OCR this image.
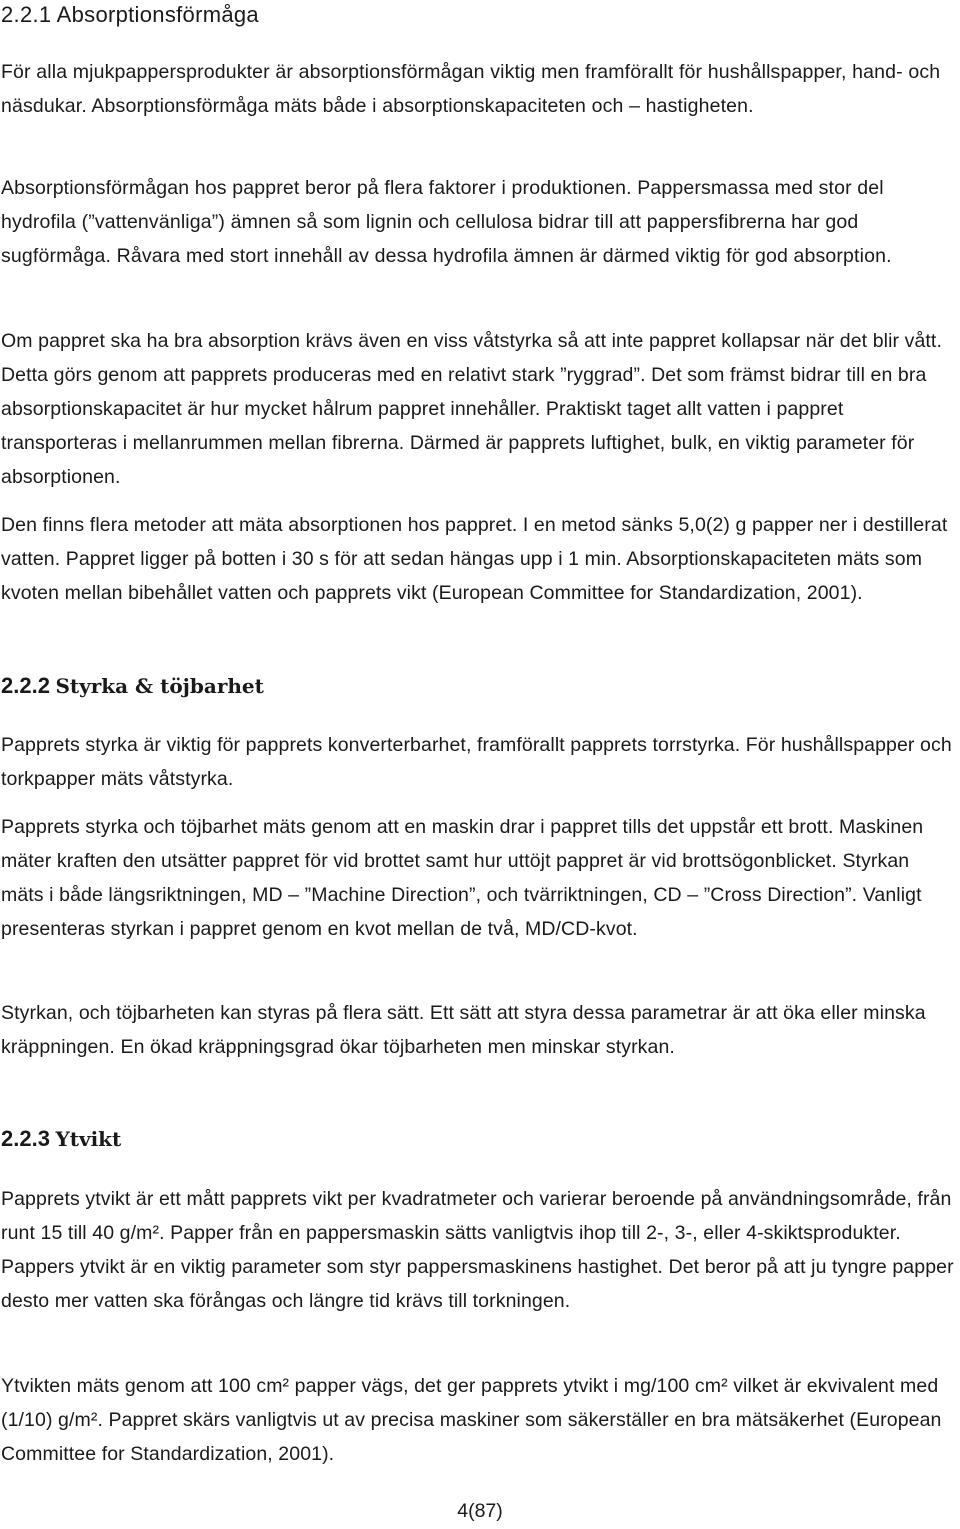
2.2.1 Absorptionsförmåga

För alla mjukpappersprodukter är absorptionsförmågan viktig men framförallt för hushållspapper, hand- och näsdukar. Absorptionsförmåga mäts både i absorptionskapaciteten och – hastigheten.

Absorptionsförmågan hos pappret beror på flera faktorer i produktionen. Pappersmassa med stor del hydrofila (”vattenvänliga”) ämnen så som lignin och cellulosa bidrar till att pappersfibrerna har god sugförmåga. Råvara med stort innehåll av dessa hydrofila ämnen är därmed viktig för god absorption.

Om pappret ska ha bra absorption krävs även en viss våtstyrka så att inte pappret kollapsar när det blir vått. Detta görs genom att papprets produceras med en relativt stark ”ryggrad”. Det som främst bidrar till en bra absorptionskapacitet är hur mycket hålrum pappret innehåller. Praktiskt taget allt vatten i pappret transporteras i mellanrummen mellan fibrerna. Därmed är papprets luftighet, bulk, en viktig parameter för absorptionen.

Den finns flera metoder att mäta absorptionen hos pappret. I en metod sänks 5,0(2) g papper ner i destillerat vatten. Pappret ligger på botten i 30 s för att sedan hängas upp i 1 min. Absorptionskapaciteten mäts som kvoten mellan bibehållet vatten och papprets vikt (European Committee for Standardization, 2001).

2.2.2 Styrka & töjbarhet

Papprets styrka är viktig för papprets konverterbarhet, framförallt papprets torrstyrka. För hushållspapper och torkpapper mäts våtstyrka.

Papprets styrka och töjbarhet mäts genom att en maskin drar i pappret tills det uppstår ett brott. Maskinen mäter kraften den utsätter pappret för vid brottet samt hur uttöjt pappret är vid brottsögonblicket. Styrkan mäts i både längsriktningen, MD – ”Machine Direction”, och tvärriktningen, CD – ”Cross Direction”. Vanligt presenteras styrkan i pappret genom en kvot mellan de två, MD/CD-kvot.

Styrkan, och töjbarheten kan styras på flera sätt. Ett sätt att styra dessa parametrar är att öka eller minska kräppningen. En ökad kräppningsgrad ökar töjbarheten men minskar styrkan.

2.2.3 Ytvikt

Papprets ytvikt är ett mått papprets vikt per kvadratmeter och varierar beroende på användningsområde, från runt 15 till 40 g/m². Papper från en pappersmaskin sätts vanligtvis ihop till 2-, 3-, eller 4-skiktsprodukter. Pappers ytvikt är en viktig parameter som styr pappersmaskinens hastighet. Det beror på att ju tyngre papper desto mer vatten ska förångas och längre tid krävs till torkningen.

Ytvikten mäts genom att 100 cm² papper vägs, det ger papprets ytvikt i mg/100 cm² vilket är ekvivalent med (1/10) g/m². Pappret skärs vanligtvis ut av precisa maskiner som säkerställer en bra mätsäkerhet (European Committee for Standardization, 2001).

4(87)
